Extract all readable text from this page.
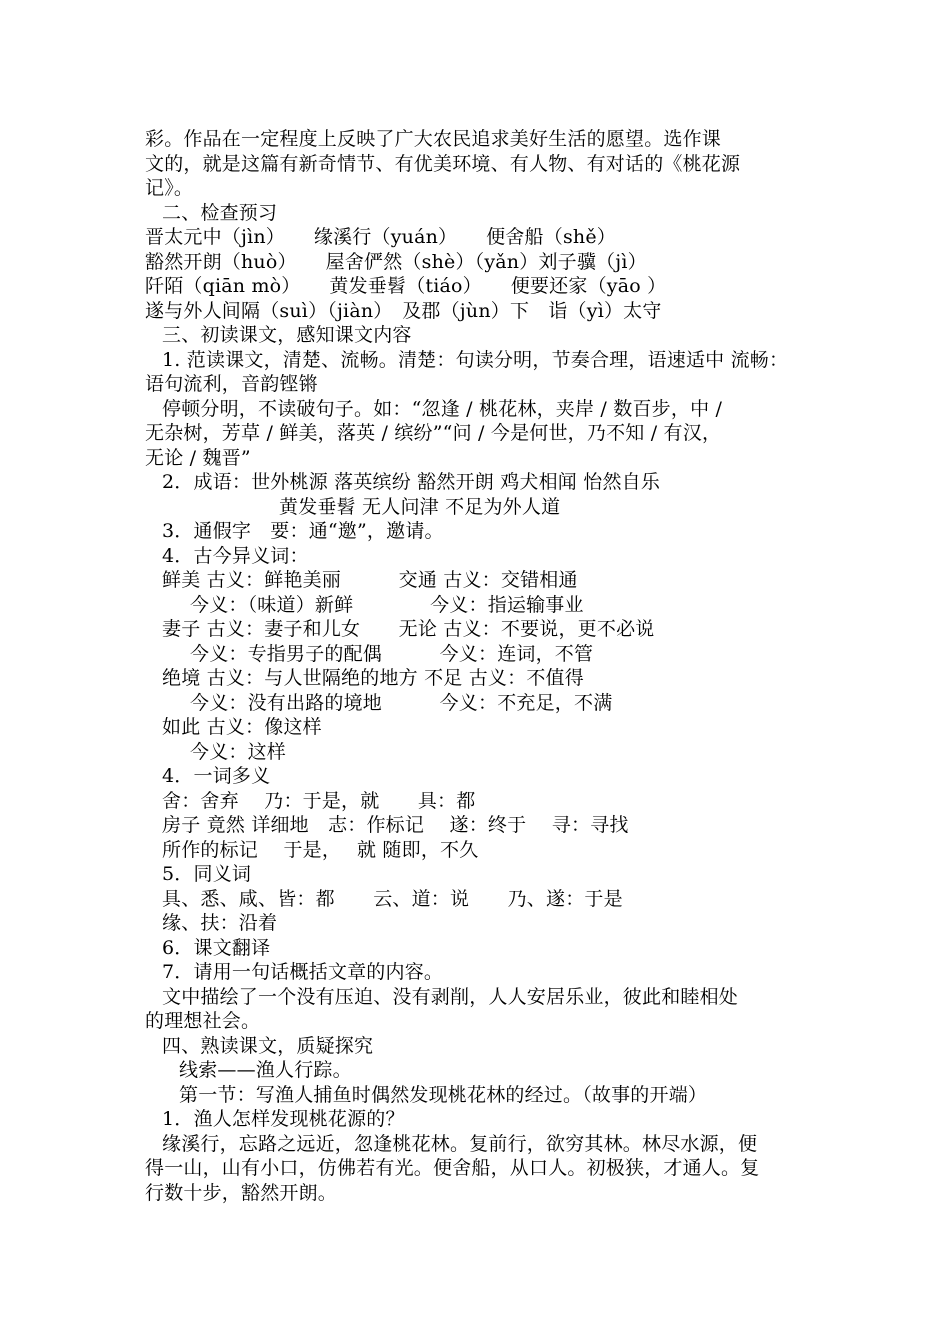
彩。作品在一定程度上反映了广大农民追求美好生活的愿望。选作课
文的，就是这篇有新奇情节、有优美环境、有人物、有对话的《桃花源
记》。
二、检查预习
晋太元中（jìn）　　缘溪行（yuán）　　便舍船（shě）
豁然开朗（huò）　　屋舍俨然（shè）（yǎn）刘子骥（jì）
阡陌（qiān mò）　　黄发垂髫（tiáo）　　便要还家（yāo ）
遂与外人间隔（suì）（jiàn）　及郡（jùn）下　诣（yì）太守
三、初读课文，感知课文内容
1. 范读课文，清楚、流畅。清楚：句读分明，节奏合理，语速适中 流畅：
语句流利，音韵铿锵
停顿分明，不读破句子。如：“忽逢 / 桃花林，夹岸 / 数百步，中 /
无杂树，芳草 / 鲜美，落英 / 缤纷”“问 / 今是何世，乃不知 / 有汉，
无论 / 魏晋”
2．成语：世外桃源 落英缤纷 豁然开朗 鸡犬相闻 怡然自乐
黄发垂髫 无人问津 不足为外人道
3．通假字　要：通“邀”，邀请。
4．古今异义词：
鲜美 古义：鲜艳美丽　　　交通 古义：交错相通
今义：（味道）新鲜　　　　今义：指运输事业
妻子 古义：妻子和儿女　　无论 古义：不要说，更不必说
今义：专指男子的配偶　　　今义：连词，不管
绝境 古义：与人世隔绝的地方 不足 古义：不值得
今义：没有出路的境地　　　今义：不充足，不满
如此 古义：像这样
今义：这样
4．一词多义
舍：舍弃　 乃：于是，就　　具：都
房子 竟然 详细地　志：作标记　 遂：终于　 寻：寻找
所作的标记　 于是，　 就 随即，不久
5．同义词
具、悉、咸、皆：都　　云、道：说　　乃、遂：于是
缘、扶：沿着
6．课文翻译
7．请用一句话概括文章的内容。
文中描绘了一个没有压迫、没有剥削，人人安居乐业，彼此和睦相处
的理想社会。
四、熟读课文，质疑探究
线索——渔人行踪。
第一节：写渔人捕鱼时偶然发现桃花林的经过。（故事的开端）
1．渔人怎样发现桃花源的？
缘溪行，忘路之远近，忽逢桃花林。复前行，欲穷其林。林尽水源，便
得一山，山有小口，仿佛若有光。便舍船，从口人。初极狭，才通人。复
行数十步，豁然开朗。
